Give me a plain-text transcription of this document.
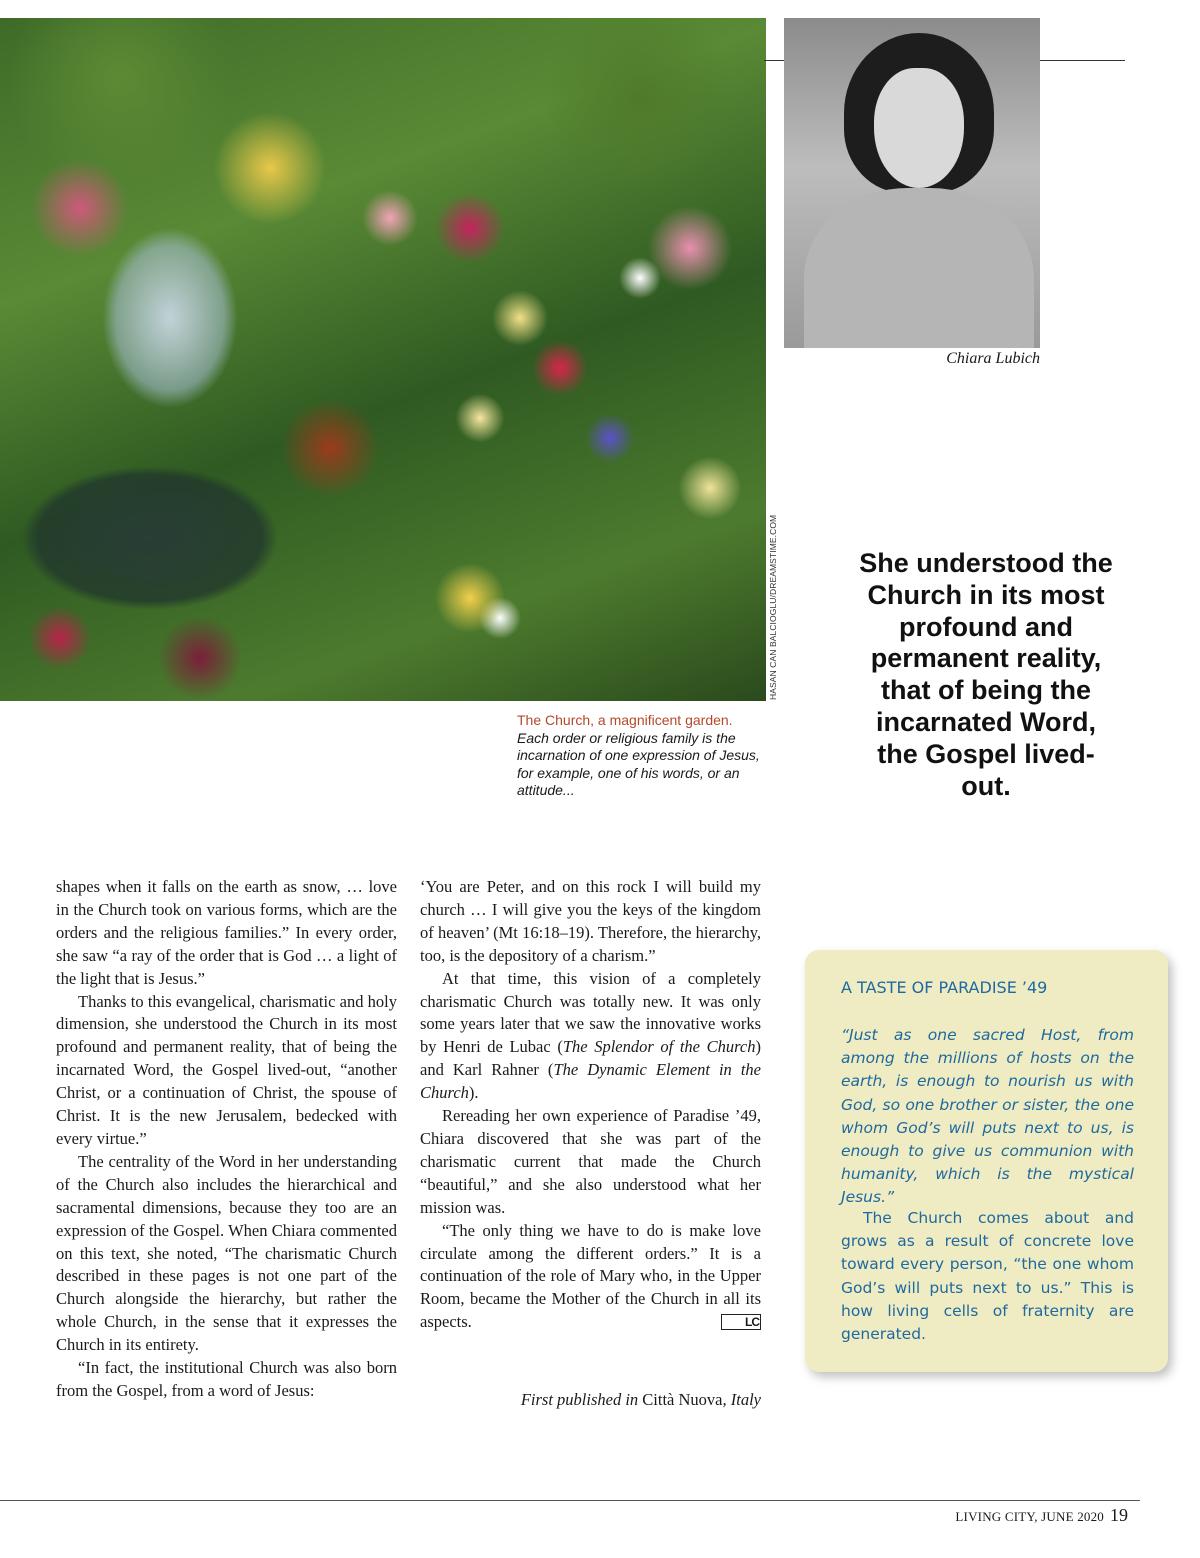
HASAN CAN BALCIOGLU/DREAMSTIME.COM
The Church, a magnificent garden.
Each order or religious family is the incarnation of one expression of Jesus, for example, one of his words, or an attitude...
Chiara Lubich
She understood the Church in its most profound and permanent reality, that of being the incarnated Word, the Gospel lived-out.

shapes when it falls on the earth as snow, … love in the Church took on various forms, which are the orders and the religious families.” In every order, she saw “a ray of the order that is God … a light of the light that is Jesus.”

Thanks to this evangelical, charismatic and holy dimension, she understood the Church in its most profound and permanent reality, that of being the incarnated Word, the Gospel lived-out, “another Christ, or a continuation of Christ, the spouse of Christ. It is the new Jerusalem, bedecked with every virtue.”

The centrality of the Word in her understanding of the Church also includes the hierarchical and sacramental dimensions, because they too are an expression of the Gospel. When Chiara commented on this text, she noted, “The charismatic Church described in these pages is not one part of the Church alongside the hierarchy, but rather the whole Church, in the sense that it expresses the Church in its entirety.

“In fact, the institutional Church was also born from the Gospel, from a word of Jesus:

‘You are Peter, and on this rock I will build my church … I will give you the keys of the kingdom of heaven’ (Mt 16:18–19). Therefore, the hierarchy, too, is the depository of a charism.”

At that time, this vision of a completely charismatic Church was totally new. It was only some years later that we saw the innovative works by Henri de Lubac (The Splendor of the Church) and Karl Rahner (The Dynamic Element in the Church).

Rereading her own experience of Paradise ’49, Chiara discovered that she was part of the charismatic current that made the Church “beautiful,” and she also understood what her mission was.

“The only thing we have to do is make love circulate among the different orders.” It is a continuation of the role of Mary who, in the Upper Room, became the Mother of the Church in all its aspects.	LC

First published in Città Nuova, Italy
A TASTE OF PARADISE ’49
“Just as one sacred Host, from among the millions of hosts on the earth, is enough to nourish us with God, so one brother or sister, the one whom God’s will puts next to us, is enough to give us communion with humanity, which is the mystical Jesus.”
The Church comes about and grows as a result of concrete love toward every person, “the one whom God’s will puts next to us.” This is how living cells of fraternity are generated.
LIVING CITY, JUNE 2020 19
